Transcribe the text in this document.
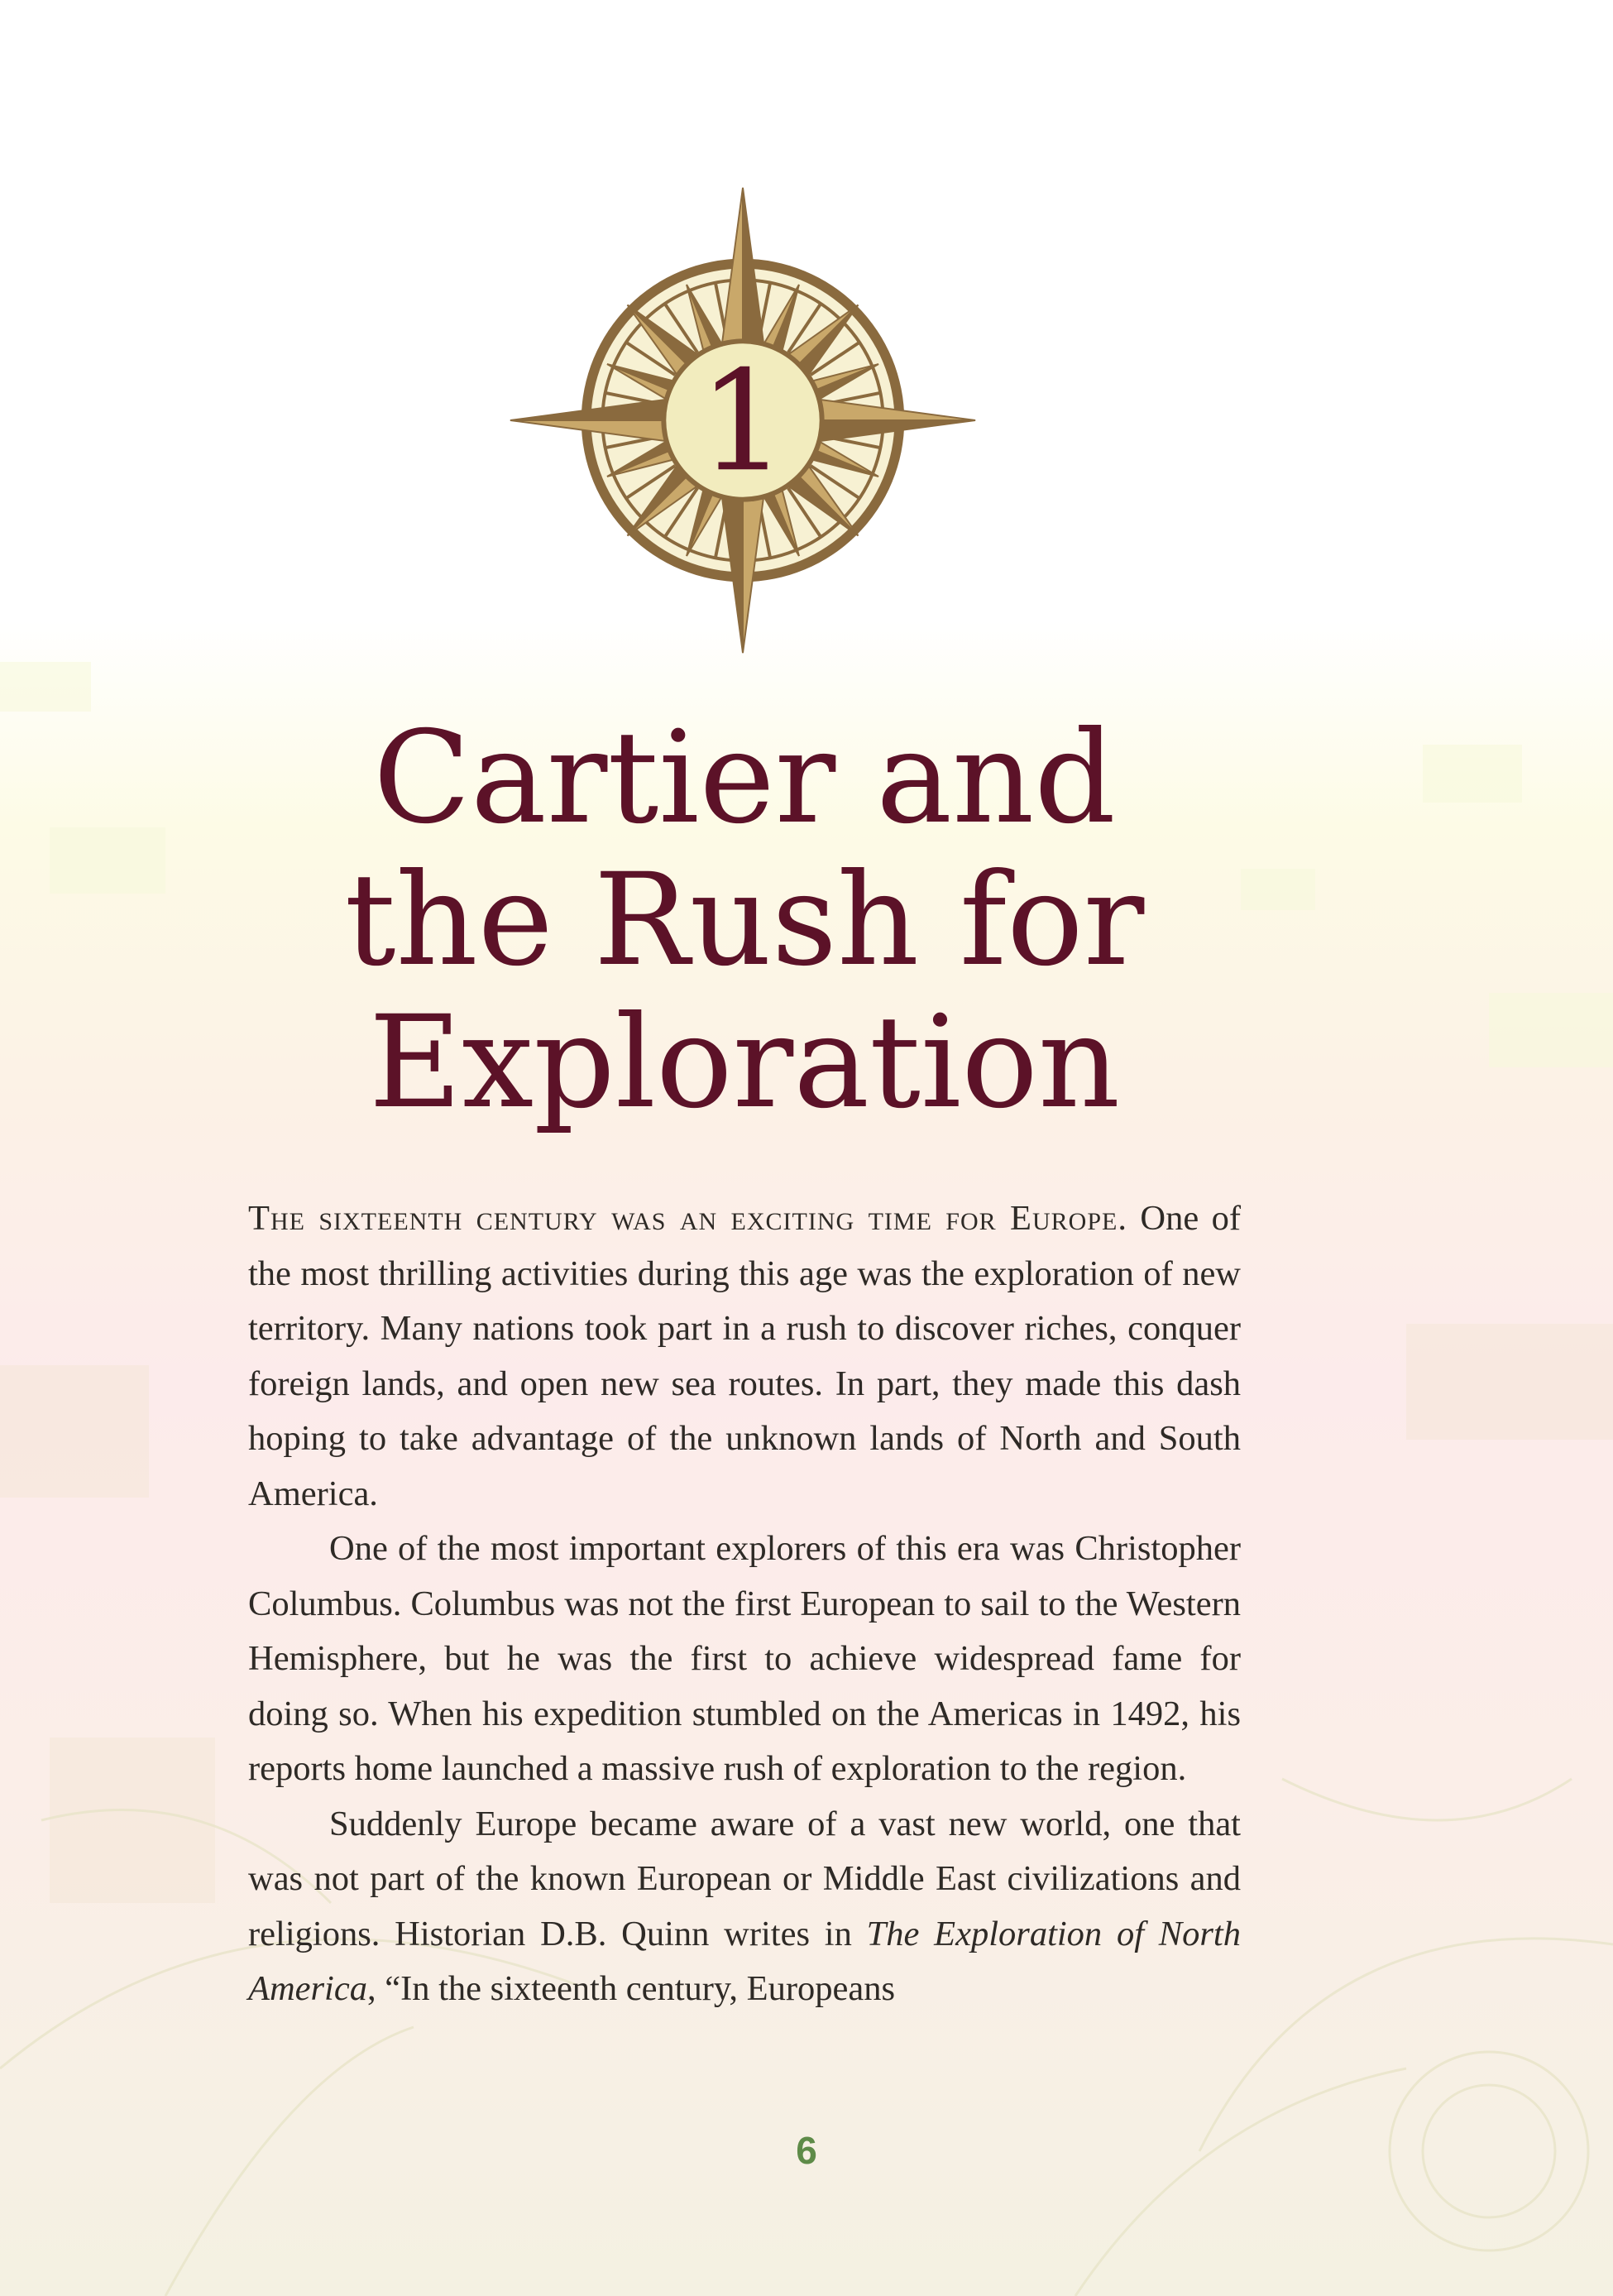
1
Cartier and
the Rush for
Exploration

The sixteenth century was an exciting time for Europe. One of the most thrilling activities during this age was the exploration of new territory. Many nations took part in a rush to discover riches, conquer foreign lands, and open new sea routes. In part, they made this dash hoping to take advantage of the unknown lands of North and South America.

One of the most important explorers of this era was Christopher Columbus. Columbus was not the first European to sail to the Western Hemisphere, but he was the first to achieve widespread fame for doing so. When his expedition stumbled on the Americas in 1492, his reports home launched a massive rush of exploration to the region.

Suddenly Europe became aware of a vast new world, one that was not part of the known European or Middle East civilizations and religions. Historian D.B. Quinn writes in The Exploration of North America, “In the sixteenth century, Europeans

6
